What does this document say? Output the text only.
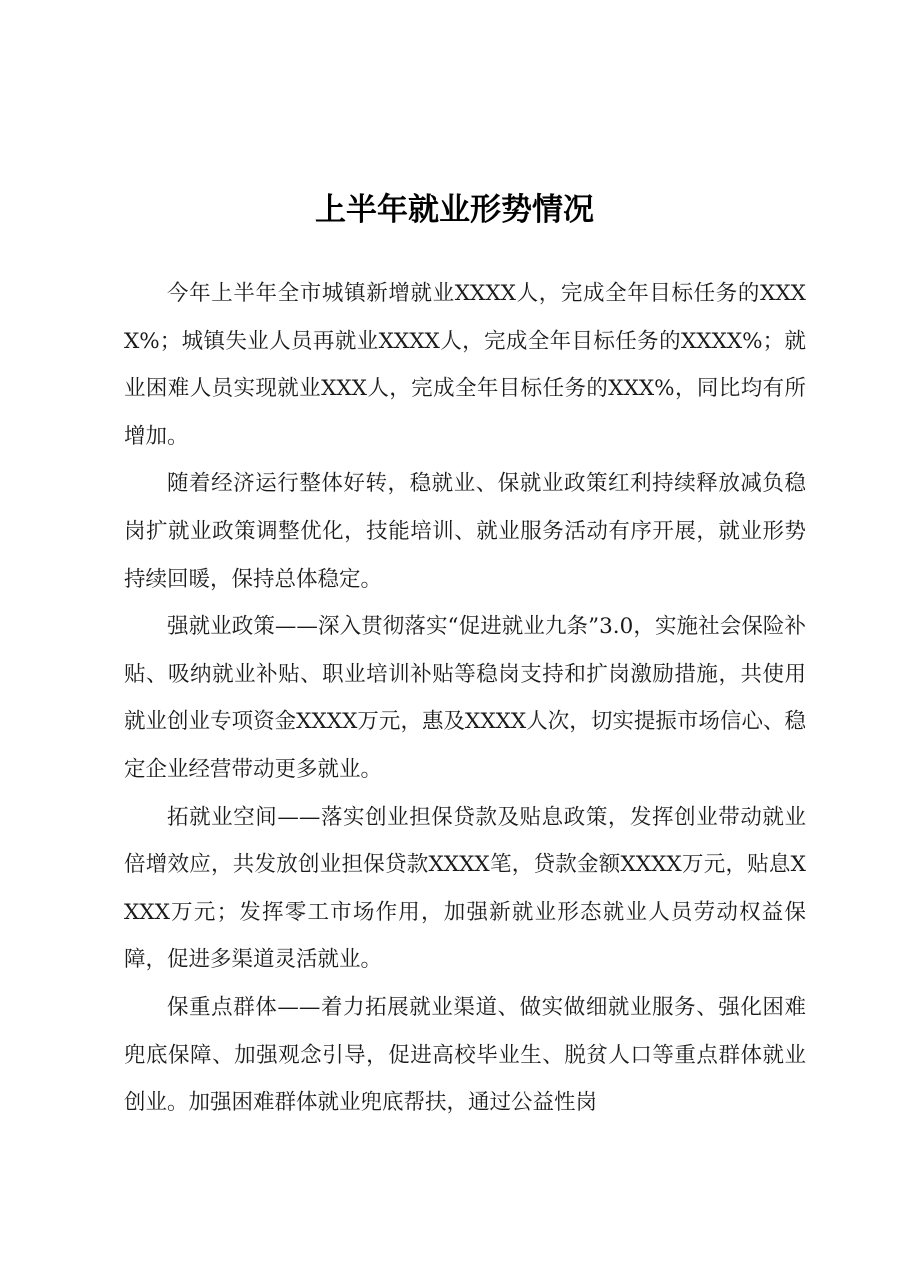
上半年就业形势情况

今年上半年全市城镇新增就业XXXX人，完成全年目标任务的XXXX%；城镇失业人员再就业XXXX人，完成全年目标任务的XXXX%；就业困难人员实现就业XXX人，完成全年目标任务的XXX%，同比均有所增加。

随着经济运行整体好转，稳就业、保就业政策红利持续释放减负稳岗扩就业政策调整优化，技能培训、就业服务活动有序开展，就业形势持续回暖，保持总体稳定。

强就业政策——深入贯彻落实“促进就业九条”3.0，实施社会保险补贴、吸纳就业补贴、职业培训补贴等稳岗支持和扩岗激励措施，共使用就业创业专项资金XXXX万元，惠及XXXX人次，切实提振市场信心、稳定企业经营带动更多就业。

拓就业空间——落实创业担保贷款及贴息政策，发挥创业带动就业倍增效应，共发放创业担保贷款XXXX笔，贷款金额XXXX万元，贴息XXXX万元；发挥零工市场作用，加强新就业形态就业人员劳动权益保障，促进多渠道灵活就业。

保重点群体——着力拓展就业渠道、做实做细就业服务、强化困难兜底保障、加强观念引导，促进高校毕业生、脱贫人口等重点群体就业创业。加强困难群体就业兜底帮扶，通过公益性岗
